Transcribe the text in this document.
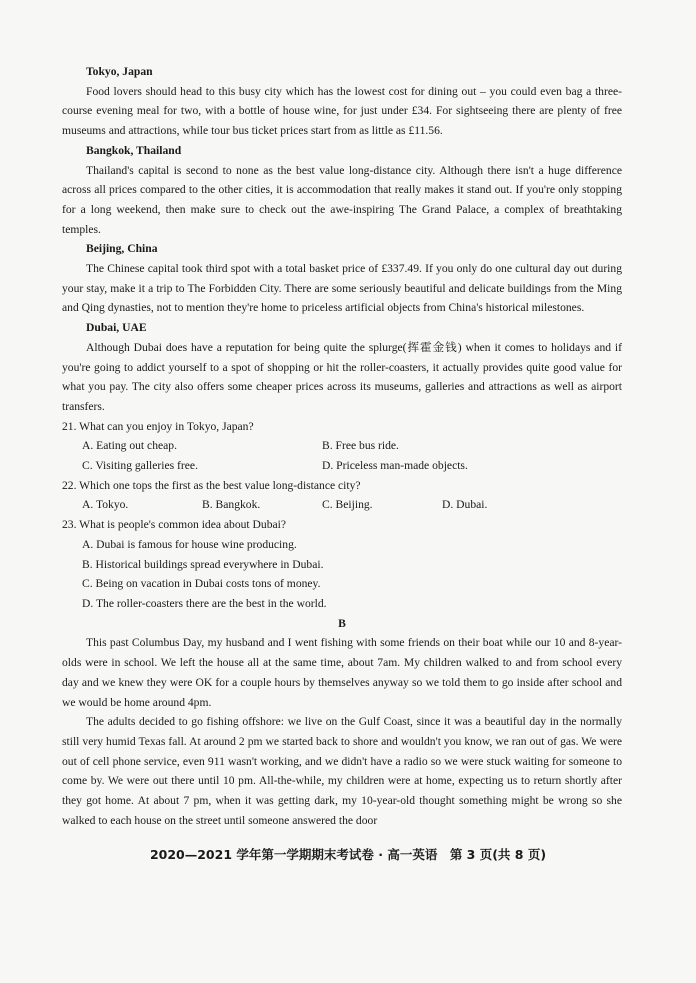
Tokyo, Japan

Food lovers should head to this busy city which has the lowest cost for dining out – you could even bag a three-course evening meal for two, with a bottle of house wine, for just under £34. For sightseeing there are plenty of free museums and attractions, while tour bus ticket prices start from as little as £11.56.

Bangkok, Thailand

Thailand's capital is second to none as the best value long-distance city. Although there isn't a huge difference across all prices compared to the other cities, it is accommodation that really makes it stand out. If you're only stopping for a long weekend, then make sure to check out the awe-inspiring The Grand Palace, a complex of breathtaking temples.

Beijing, China

The Chinese capital took third spot with a total basket price of £337.49. If you only do one cultural day out during your stay, make it a trip to The Forbidden City. There are some seriously beautiful and delicate buildings from the Ming and Qing dynasties, not to mention they're home to priceless artificial objects from China's historical milestones.

Dubai, UAE

Although Dubai does have a reputation for being quite the splurge(挥霍金钱) when it comes to holidays and if you're going to addict yourself to a spot of shopping or hit the roller-coasters, it actually provides quite good value for what you pay. The city also offers some cheaper prices across its museums, galleries and attractions as well as airport transfers.

21. What can you enjoy in Tokyo, Japan?

A. Eating out cheap.	B. Free bus ride.
C. Visiting galleries free.	D. Priceless man-made objects.

22. Which one tops the first as the best value long-distance city?

A. Tokyo.	B. Bangkok.	C. Beijing.	D. Dubai.

23. What is people's common idea about Dubai?

A. Dubai is famous for house wine producing.
B. Historical buildings spread everywhere in Dubai.
C. Being on vacation in Dubai costs tons of money.
D. The roller-coasters there are the best in the world.
B

This past Columbus Day, my husband and I went fishing with some friends on their boat while our 10 and 8-year-olds were in school. We left the house all at the same time, about 7am. My children walked to and from school every day and we knew they were OK for a couple hours by themselves anyway so we told them to go inside after school and we would be home around 4pm.

The adults decided to go fishing offshore: we live on the Gulf Coast, since it was a beautiful day in the normally still very humid Texas fall. At around 2 pm we started back to shore and wouldn't you know, we ran out of gas. We were out of cell phone service, even 911 wasn't working, and we didn't have a radio so we were stuck waiting for someone to come by. We were out there until 10 pm. All-the-while, my children were at home, expecting us to return shortly after they got home. At about 7 pm, when it was getting dark, my 10-year-old thought something might be wrong so she walked to each house on the street until someone answered the door

2020—2021 学年第一学期期末考试卷 · 高一英语　第 3 页(共 8 页)
